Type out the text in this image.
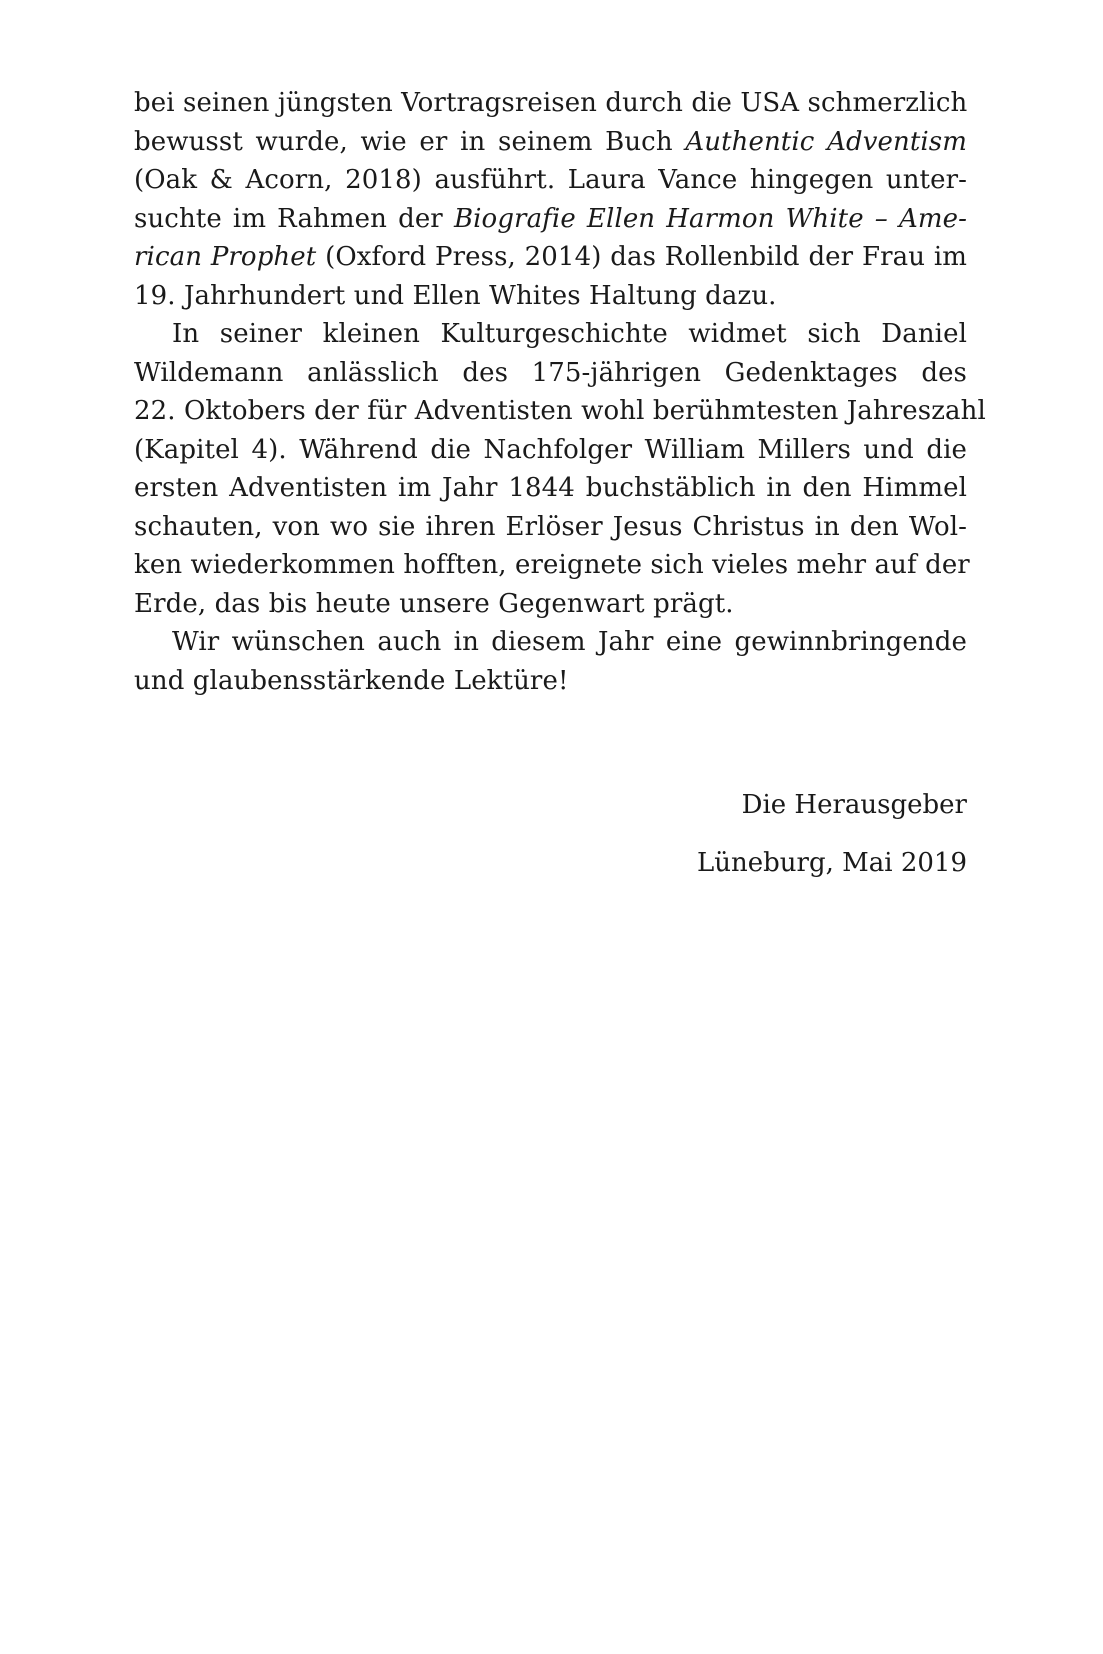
bei seinen jüngsten Vortragsreisen durch die USA schmerzlich
bewusst wurde, wie er in seinem Buch Authentic Adventism
(Oak & Acorn, 2018) ausführt. Laura Vance hingegen unter-
suchte im Rahmen der Biografie Ellen Harmon White – Ame-
rican Prophet (Oxford Press, 2014) das Rollenbild der Frau im
19. Jahrhundert und Ellen Whites Haltung dazu.
In seiner kleinen Kulturgeschichte widmet sich Daniel
Wildemann anlässlich des 175-jährigen Gedenktages des
22. Oktobers der für Adventisten wohl berühmtesten Jahreszahl
(Kapitel 4). Während die Nachfolger William Millers und die
ersten Adventisten im Jahr 1844 buchstäblich in den Himmel
schauten, von wo sie ihren Erlöser Jesus Christus in den Wol-
ken wiederkommen hofften, ereignete sich vieles mehr auf der
Erde, das bis heute unsere Gegenwart prägt.
Wir wünschen auch in diesem Jahr eine gewinnbringende
und glaubensstärkende Lektüre!
Die Herausgeber
Lüneburg, Mai 2019
